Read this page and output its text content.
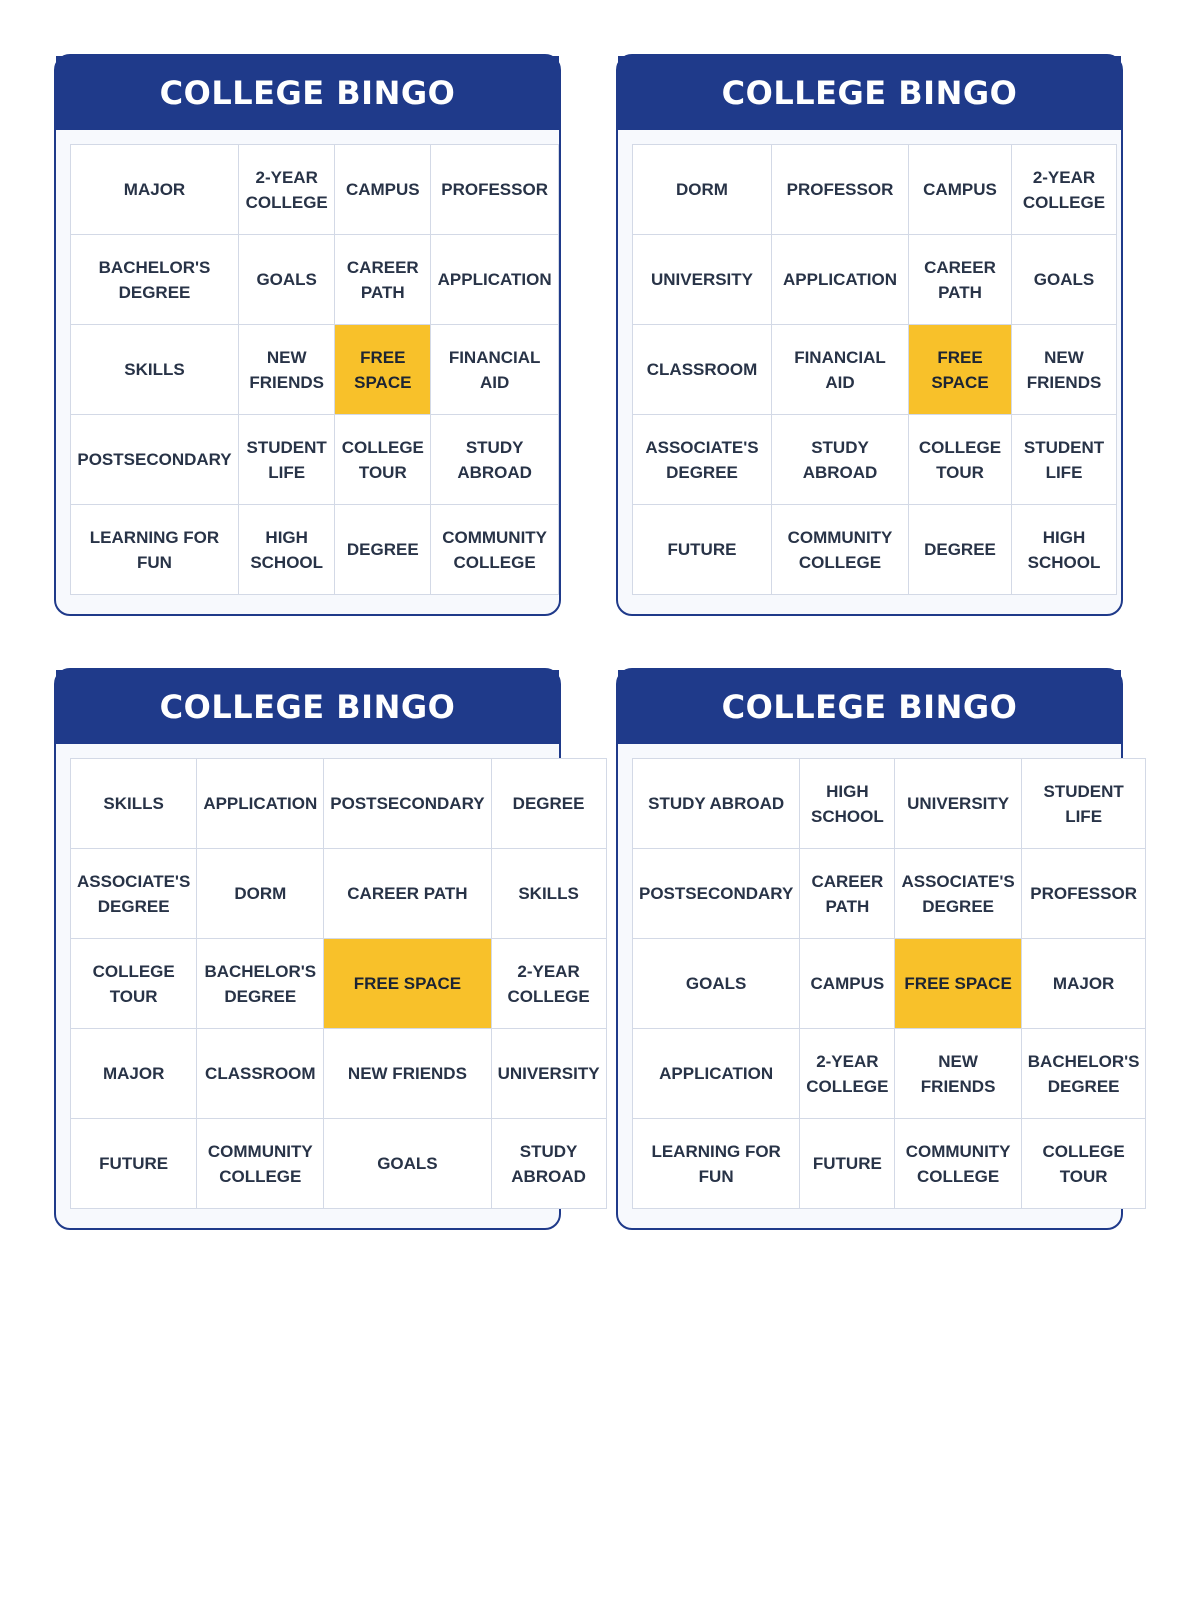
COLLEGE BINGO
MAJOR	2-YEAR COLLEGE	CAMPUS	PROFESSOR
BACHELOR'S DEGREE	GOALS	CAREER PATH	APPLICATION
SKILLS	NEW FRIENDS	FREE SPACE	FINANCIAL AID
POSTSECONDARY	STUDENT LIFE	COLLEGE TOUR	STUDY ABROAD
LEARNING FOR FUN	HIGH SCHOOL	DEGREE	COMMUNITY COLLEGE
COLLEGE BINGO
DORM	PROFESSOR	CAMPUS	2-YEAR COLLEGE
UNIVERSITY	APPLICATION	CAREER PATH	GOALS
CLASSROOM	FINANCIAL AID	FREE SPACE	NEW FRIENDS
ASSOCIATE'S DEGREE	STUDY ABROAD	COLLEGE TOUR	STUDENT LIFE
FUTURE	COMMUNITY COLLEGE	DEGREE	HIGH SCHOOL
COLLEGE BINGO
SKILLS	APPLICATION	POSTSECONDARY	DEGREE
ASSOCIATE'S DEGREE	DORM	CAREER PATH	SKILLS
COLLEGE TOUR	BACHELOR'S DEGREE	FREE SPACE	2-YEAR COLLEGE
MAJOR	CLASSROOM	NEW FRIENDS	UNIVERSITY
FUTURE	COMMUNITY COLLEGE	GOALS	STUDY ABROAD
COLLEGE BINGO
STUDY ABROAD	HIGH SCHOOL	UNIVERSITY	STUDENT LIFE
POSTSECONDARY	CAREER PATH	ASSOCIATE'S DEGREE	PROFESSOR
GOALS	CAMPUS	FREE SPACE	MAJOR
APPLICATION	2-YEAR COLLEGE	NEW FRIENDS	BACHELOR'S DEGREE
LEARNING FOR FUN	FUTURE	COMMUNITY COLLEGE	COLLEGE TOUR
